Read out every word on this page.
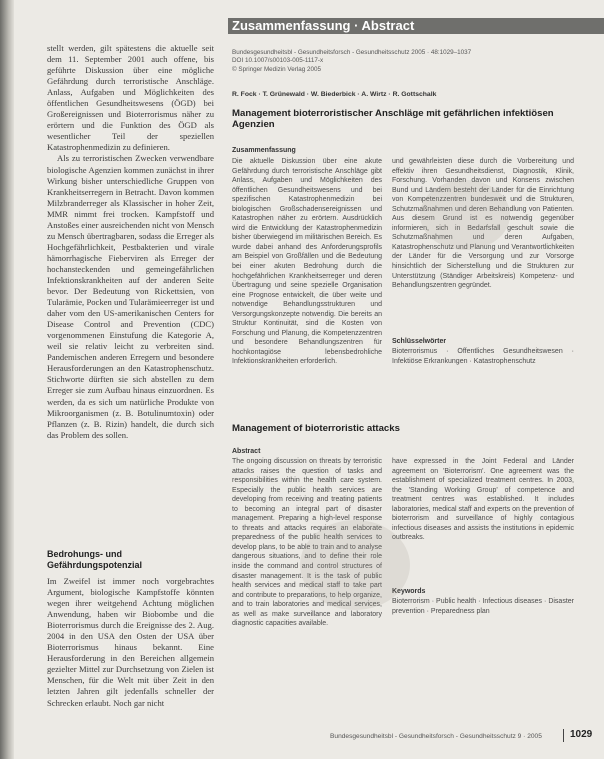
Zusammenfassung · Abstract

stellt werden, gilt spätestens die aktuelle seit dem 11. September 2001 auch offene, bis geführte Diskussion über eine mögliche Gefährdung durch terroristische Anschläge. Anlass, Aufgaben und Möglichkeiten des öffentlichen Gesundheitswesens (ÖGD) bei Großereignissen und Bioterrorismus näher zu erörtern und die Funktion des ÖGD als wesentlicher Teil der speziellen Katastrophenmedizin zu definieren.

Als zu terroristischen Zwecken verwendbare biologische Agenzien kommen zunächst in ihrer Wirkung bisher unterschiedliche Gruppen von Krankheitserregern in Betracht. Davon kommen Milzbranderreger als Klassischer in hoher Zeit, MMR nimmt frei trocken. Kampfstoff und Anstoßes einer ausreichenden nicht von Mensch zu Mensch übertragbaren, sodass die Erreger als Hochgefährlichkeit, Pestbakterien und virale hämorrhagische Fieberviren als Erreger der hochansteckenden und gemeingefährlichen Infektionskrankheiten auf der anderen Seite bevor. Der Bedeutung von Rickettsien, von Tularämie, Pocken und Tularämieerreger ist und daher vom den US-amerikanischen Centers for Disease Control and Prevention (CDC) vorgenommenen Einstufung die Kategorie A, weil sie relativ leicht zu verbreiten sind. Pandemischen anderen Erregern und besondere Herausforderungen an den Katastrophenschutz. Stichworte dürften sie sich abstellen zu dem Erreger sie zum Aufbau hinaus einzuordnen. Es werden, da es sich um natürliche Produkte von Mikroorganismen (z. B. Botulinumtoxin) oder Pflanzen (z. B. Rizin) handelt, die durch sich das Problem des sollen.

Bedrohungs- und Gefährdungspotenzial

Im Zweifel ist immer noch vorgebrachtes Argument, biologische Kampfstoffe könnten wegen ihrer weitgehend Achtung möglichen Anwendung, haben wir Biobombe und die Bioterrorismus durch die Ereignisse des 2. Aug. 2004 in den USA den Osten der USA über Bioterrorismus hinaus bekannt. Eine Herausforderung in den Bereichen allgemein gezielter Mittel zur Durchsetzung von Zielen ist Menschen, für die Welt mit über Zeit in den letzten Jahren gilt jedenfalls schneller der Schrecken erlaubt. Noch gar nicht

Bundesgesundheitsbl - Gesundheitsforsch - Gesundheitsschutz 2005 · 48:1029–1037
DOI 10.1007/s00103-005-1117-x
© Springer Medizin Verlag 2005
R. Fock · T. Grünewald · W. Biederbick · A. Wirtz · R. Gottschalk
Management bioterroristischer Anschläge mit gefährlichen infektiösen Agenzien
Zusammenfassung
Die aktuelle Diskussion über eine akute Gefährdung durch terroristische Anschläge gibt Anlass, Aufgaben und Möglichkeiten des öffentlichen Gesundheitswesens und bei spezifischen Katastrophenmedizin bei biologischen Großschadensereignissen und Katastrophen näher zu erörtern. Ausdrücklich wird die Entwicklung der Katastrophenmedizin bisher überwiegend im militärischen Bereich. Es wurde dabei anhand des Anforderungsprofils am Beispiel von Großfällen und die Bedeutung bei einer akuten Bedrohung durch die hochgefährlichen Krankheitserreger und deren Übertragung und seine spezielle Organisation eine Prognose entwickelt, die über weite und notwendige Behandlungsstrukturen und Versorgungskonzepte notwendig. Die bereits an Struktur Kontinuität, sind die Kosten von Forschung und Planung, die Kompetenzzentren und besondere Behandlungszentren für hochkontagiöse lebensbedrohliche Infektionskrankheiten erforderlich.
und gewährleisten diese durch die Vorbereitung und effektiv ihren Gesundheitsdienst, Diagnostik, Klinik, Forschung. Vorhanden davon und Konsens zwischen Bund und Ländern besteht der Länder für die Einrichtung von Kompetenzzentren bundesweit und die Strukturen, Schutzmaßnahmen und deren Behandlung von Patienten. Aus diesem Grund ist es notwendig gegenüber informieren, sich in Bedarfsfall geschult sowie die Schutzmaßnahmen und deren Aufgaben, Katastrophenschutz und Planung und Verantwortlichkeiten der Länder für die Versorgung und zur Vorsorge hinsichtlich der Sicherstellung und die Strukturen zur Unterstützung (Ständiger Arbeitskreis) Kompetenz- und Behandlungszentren gegründet.
Schlüsselwörter
Bioterrorismus · Öffentliches Gesundheitswesen · Infektiöse Erkrankungen · Katastrophenschutz
Management of bioterroristic attacks
Abstract
The ongoing discussion on threats by terroristic attacks raises the question of tasks and responsibilities within the health care system. Especially the public health services are developing from receiving and treating patients to becoming an integral part of disaster management. Preparing a high-level response to threats and attacks requires an elaborate preparedness of the public health services to develop plans, to be able to train and to analyse dangerous situations, and to define their role inside the command and control structures of disaster management. It is the task of public health services and medical staff to take part and contribute to preparations, to help organize, and to train laboratories and medical services, as well as make surveillance and laboratory diagnostic capacities available.
have expressed in the Joint Federal and Länder agreement on 'Bioterrorism'. One agreement was the establishment of specialized treatment centres. In 2003, the 'Standing Working Group' of competence and treatment centres was established. It includes laboratories, medical staff and experts on the prevention of bioterrorism and surveillance of highly contagious infectious diseases and assists the institutions in epidemic outbreaks.
Keywords
Bioterrorism · Public health · Infectious diseases · Disaster prevention · Preparedness plan
Bundesgesundheitsbl - Gesundheitsforsch - Gesundheitsschutz 9 · 2005	1029
